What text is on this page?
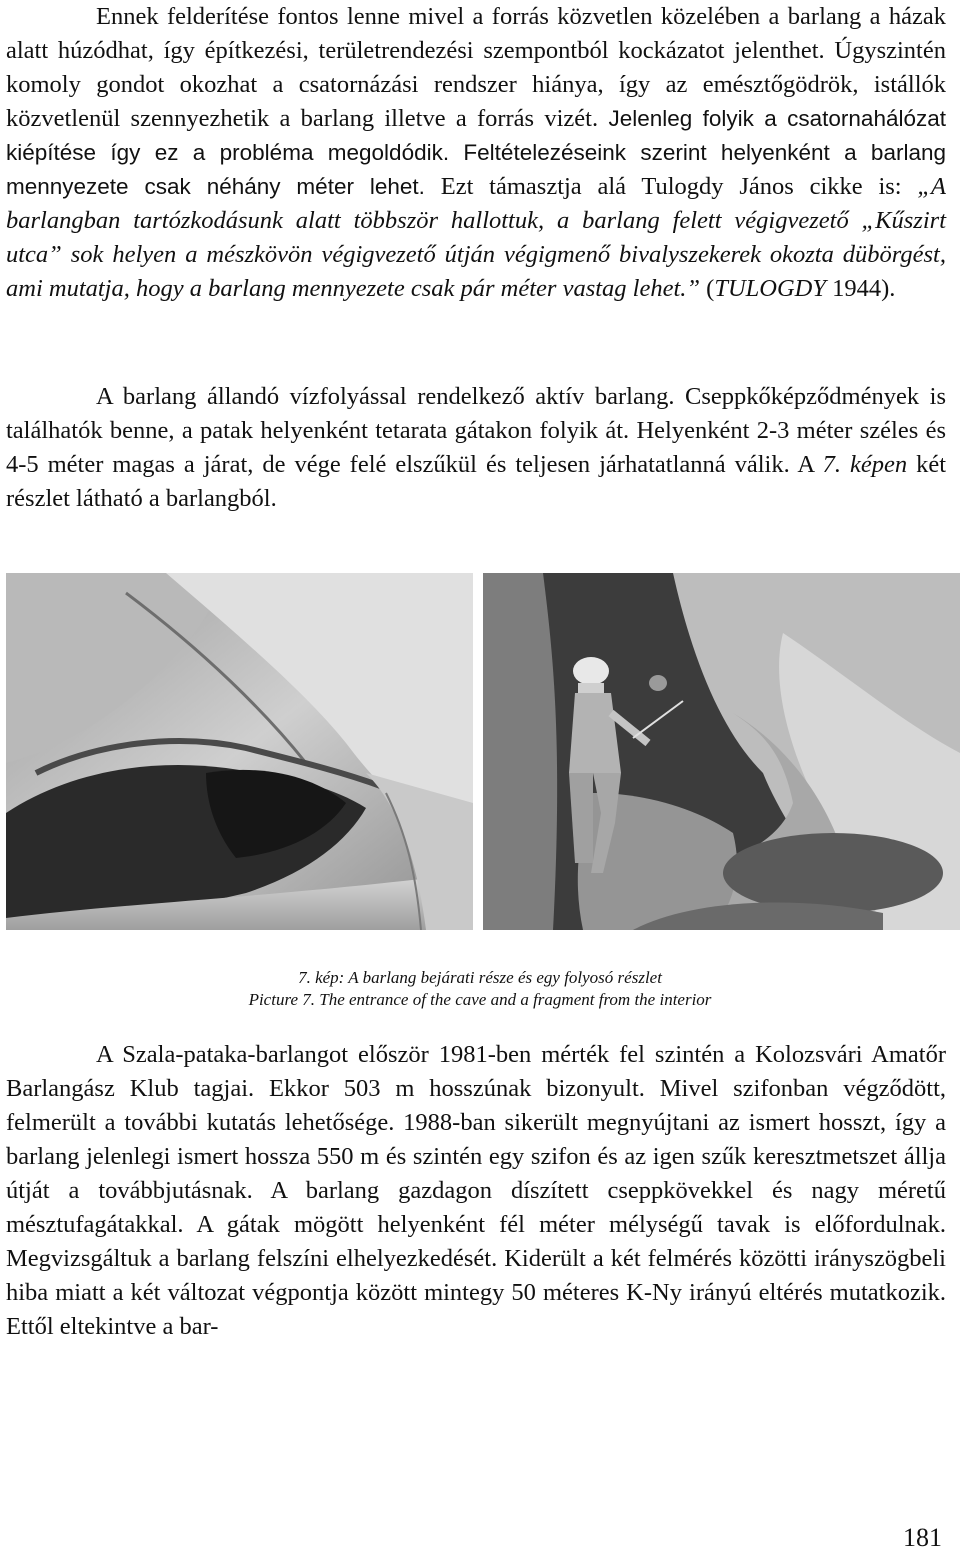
Ennek felderítése fontos lenne mivel a forrás közvetlen közelében a barlang a házak alatt húzódhat, így építkezési, területrendezési szempontból kockázatot jelenthet. Úgyszintén komoly gondot okozhat a csatornázási rendszer hiánya, így az emésztőgödrök, istállók közvetlenül szennyezhetik a barlang illetve a forrás vizét. Jelenleg folyik a csatornahálózat kiépítése így ez a probléma megoldódik. Feltételezéseink szerint helyenként a barlang mennyezete csak néhány méter lehet. Ezt támasztja alá Tulogdy János cikke is: „A barlangban tartózkodásunk alatt többször hallottuk, a barlang felett végigvezető „Kűszirt utca” sok helyen a mészkövön végigvezető útján végigmenő bivalyszekerek okozta dübörgést, ami mutatja, hogy a barlang mennyezete csak pár méter vastag lehet.” (TULOGDY 1944).
A barlang állandó vízfolyással rendelkező aktív barlang. Cseppkőképződmények is találhatók benne, a patak helyenként tetarata gátakon folyik át. Helyenként 2-3 méter széles és 4-5 méter magas a járat, de vége felé elszűkül és teljesen járhatatlanná válik. A 7. képen két részlet látható a barlangból.
7. kép: A barlang bejárati része és egy folyosó részlet
Picture 7. The entrance of the cave and a fragment from the interior
A Szala-pataka-barlangot először 1981-ben mérték fel szintén a Kolozsvári Amatőr Barlangász Klub tagjai. Ekkor 503 m hosszúnak bizonyult. Mivel szifonban végződött, felmerült a további kutatás lehetősége. 1988-ban sikerült megnyújtani az ismert hosszt, így a barlang jelenlegi ismert hossza 550 m és szintén egy szifon és az igen szűk keresztmetszet állja útját a továbbjutásnak. A barlang gazdagon díszített cseppkövekkel és nagy méretű mésztufagátakkal. A gátak mögött helyenként fél méter mélységű tavak is előfordulnak. Megvizsgáltuk a barlang felszíni elhelyezkedését. Kiderült a két felmérés közötti irányszögbeli hiba miatt a két változat végpontja között mintegy 50 méteres K-Ny irányú eltérés mutatkozik. Ettől eltekintve a bar-
181
